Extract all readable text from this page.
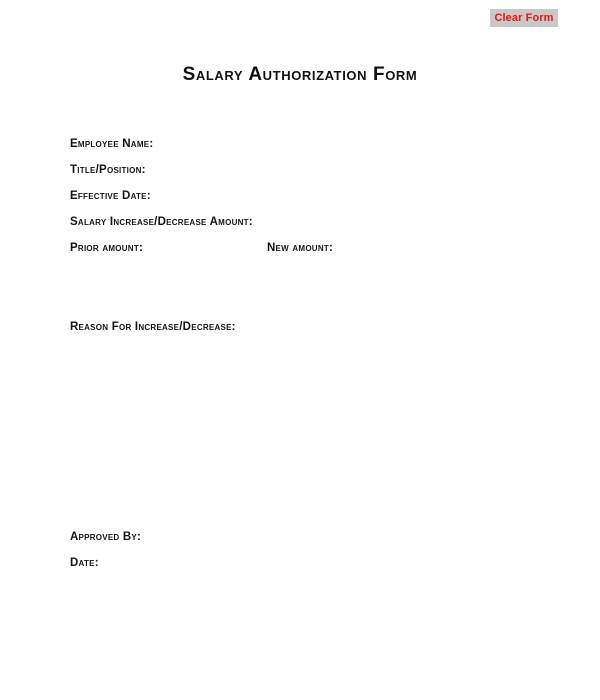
Clear Form
Salary Authorization Form
Employee Name:
Title/Position:
Effective Date:
Salary Increase/Decrease Amount:
Prior amount:	New amount:
Reason For Increase/Decrease:
Approved By:
Date:
